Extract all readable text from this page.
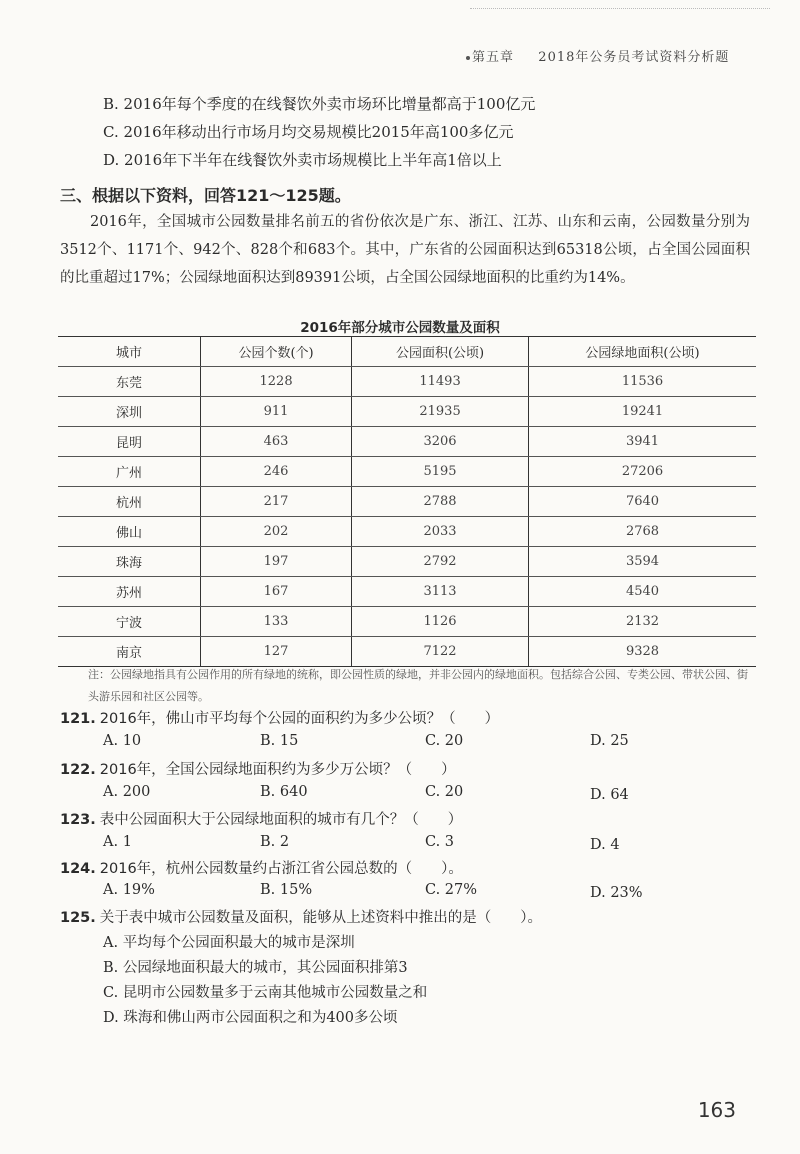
第五章 2018年公务员考试资料分析题
B. 2016年每个季度的在线餐饮外卖市场环比增量都高于100亿元
C. 2016年移动出行市场月均交易规模比2015年高100多亿元
D. 2016年下半年在线餐饮外卖市场规模比上半年高1倍以上
三、根据以下资料，回答121～125题。
2016年，全国城市公园数量排名前五的省份依次是广东、浙江、江苏、山东和云南，公园数量分别为3512个、1171个、942个、828个和683个。其中，广东省的公园面积达到65318公顷，占全国公园面积的比重超过17%；公园绿地面积达到89391公顷，占全国公园绿地面积的比重约为14%。
2016年部分城市公园数量及面积
城市	公园个数(个)	公园面积(公顷)	公园绿地面积(公顷)
东莞	1228	11493	11536
深圳	911	21935	19241
昆明	463	3206	3941
广州	246	5195	27206
杭州	217	2788	7640
佛山	202	2033	2768
珠海	197	2792	3594
苏州	167	3113	4540
宁波	133	1126	2132
南京	127	7122	9328
注：公园绿地指具有公园作用的所有绿地的统称，即公园性质的绿地，并非公园内的绿地面积。包括综合公园、专类公园、带状公园、街头游乐园和社区公园等。
121. 2016年，佛山市平均每个公园的面积约为多少公顷？（　　）
A. 10	B. 15	C. 20	D. 25
122. 2016年，全国公园绿地面积约为多少万公顷？（　　）
A. 200	B. 640	C. 20	D. 64
123. 表中公园面积大于公园绿地面积的城市有几个？（　　）
A. 1	B. 2	C. 3	D. 4
124. 2016年，杭州公园数量约占浙江省公园总数的（　　）。
A. 19%	B. 15%	C. 27%	D. 23%
125. 关于表中城市公园数量及面积，能够从上述资料中推出的是（　　）。
A. 平均每个公园面积最大的城市是深圳
B. 公园绿地面积最大的城市，其公园面积排第3
C. 昆明市公园数量多于云南其他城市公园数量之和
D. 珠海和佛山两市公园面积之和为400多公顷
163
